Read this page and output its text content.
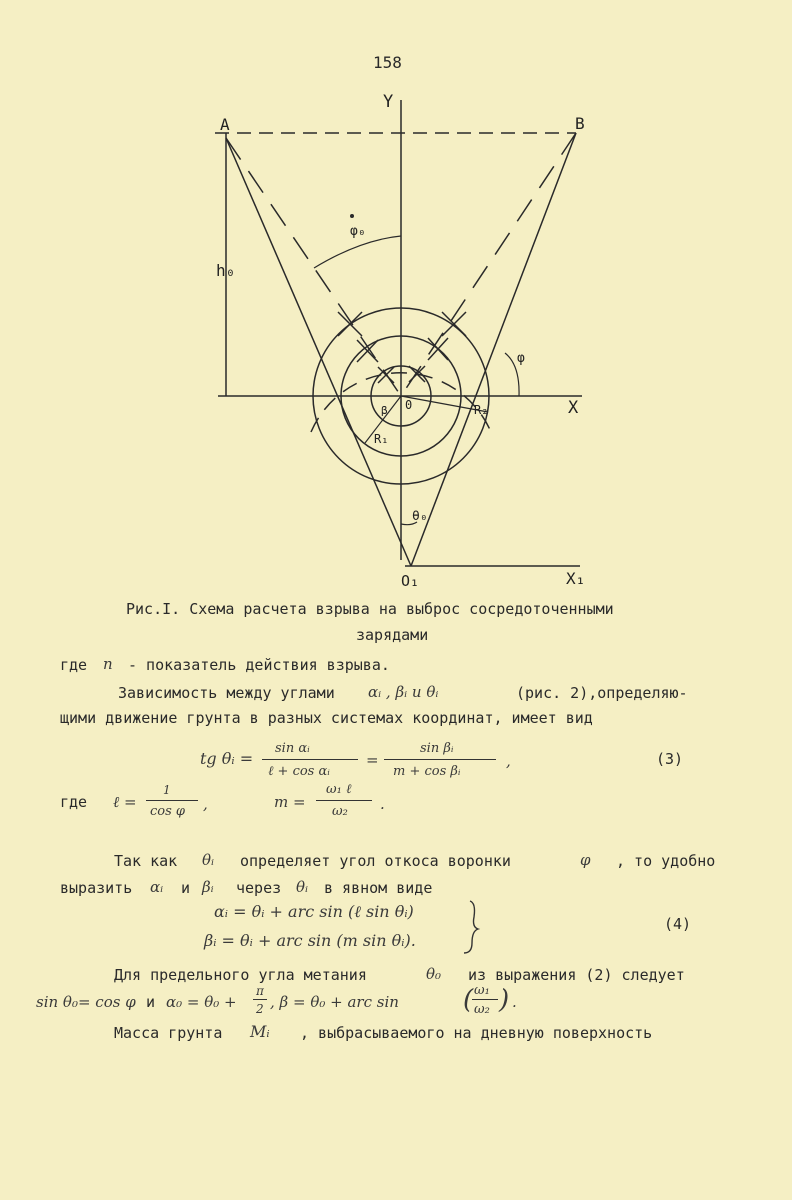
158
Y
A	B
h₀
φ₀
φ
X
0
β
R₁
R₂
θ₀
O₁	X₁
Рис.I. Схема расчета взрыва на выброс сосредоточенными
зарядами
где n - показатель действия взрыва.
Зависимость между углами αᵢ , βᵢ и θᵢ	(рис. 2),определяю-
щими движение грунта в разных системах координат, имеет вид
tg θᵢ =
sin αᵢ
ℓ + cos αᵢ
=
sin βᵢ
m + cos βᵢ
,	(3)
где ℓ =
1
cos φ ,	m =
ω₁ ℓ
ω₂ .
Так как θᵢ определяет угол откоса воронки	φ , то удобно
выразить αᵢ и βᵢ через θᵢ в явном виде
αᵢ = θᵢ + arc sin (ℓ sin θᵢ)
βᵢ = θᵢ + arc sin (m sin θᵢ).
(4)
Для предельного угла метания	θ₀ из выражения (2) следует
sin θ₀= cos φ и α₀ = θ₀ +
π
2 , β = θ₀ + arc sin ( ω₁
ω₂ ) .
Масса грунта Mᵢ , выбрасываемого на дневную поверхность
